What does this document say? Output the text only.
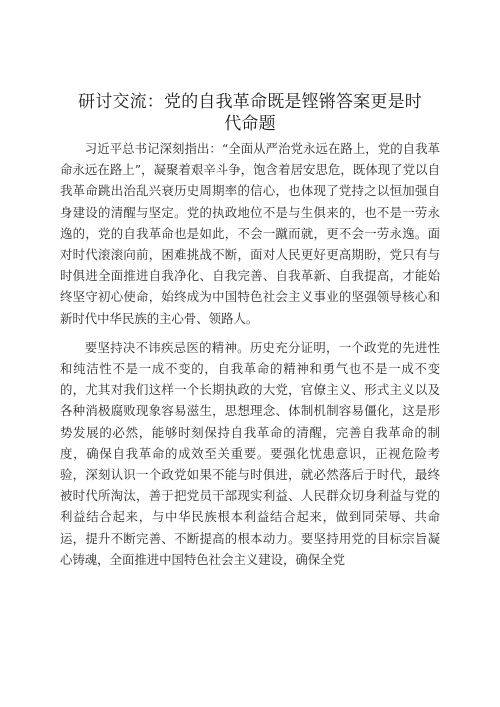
研讨交流：党的自我革命既是铿锵答案更是时
代命题

习近平总书记深刻指出：“全面从严治党永远在路上，党的自我革命永远在路上”，凝聚着艰辛斗争，饱含着居安思危，既体现了党以自我革命跳出治乱兴衰历史周期率的信心，也体现了党持之以恒加强自身建设的清醒与坚定。党的执政地位不是与生俱来的，也不是一劳永逸的，党的自我革命也是如此，不会一蹴而就，更不会一劳永逸。面对时代滚滚向前，困难挑战不断，面对人民更好更高期盼，党只有与时俱进全面推进自我净化、自我完善、自我革新、自我提高，才能始终坚守初心使命，始终成为中国特色社会主义事业的坚强领导核心和新时代中华民族的主心骨、领路人。

要坚持决不讳疾忌医的精神。历史充分证明，一个政党的先进性和纯洁性不是一成不变的，自我革命的精神和勇气也不是一成不变的，尤其对我们这样一个长期执政的大党，官僚主义、形式主义以及各种消极腐败现象容易滋生，思想理念、体制机制容易僵化，这是形势发展的必然，能够时刻保持自我革命的清醒，完善自我革命的制度，确保自我革命的成效至关重要。要强化忧患意识，正视危险考验，深刻认识一个政党如果不能与时俱进，就必然落后于时代，最终被时代所淘汰，善于把党员干部现实利益、人民群众切身利益与党的利益结合起来，与中华民族根本利益结合起来，做到同荣辱、共命运，提升不断完善、不断提高的根本动力。要坚持用党的目标宗旨凝心铸魂，全面推进中国特色社会主义建设，确保全党
